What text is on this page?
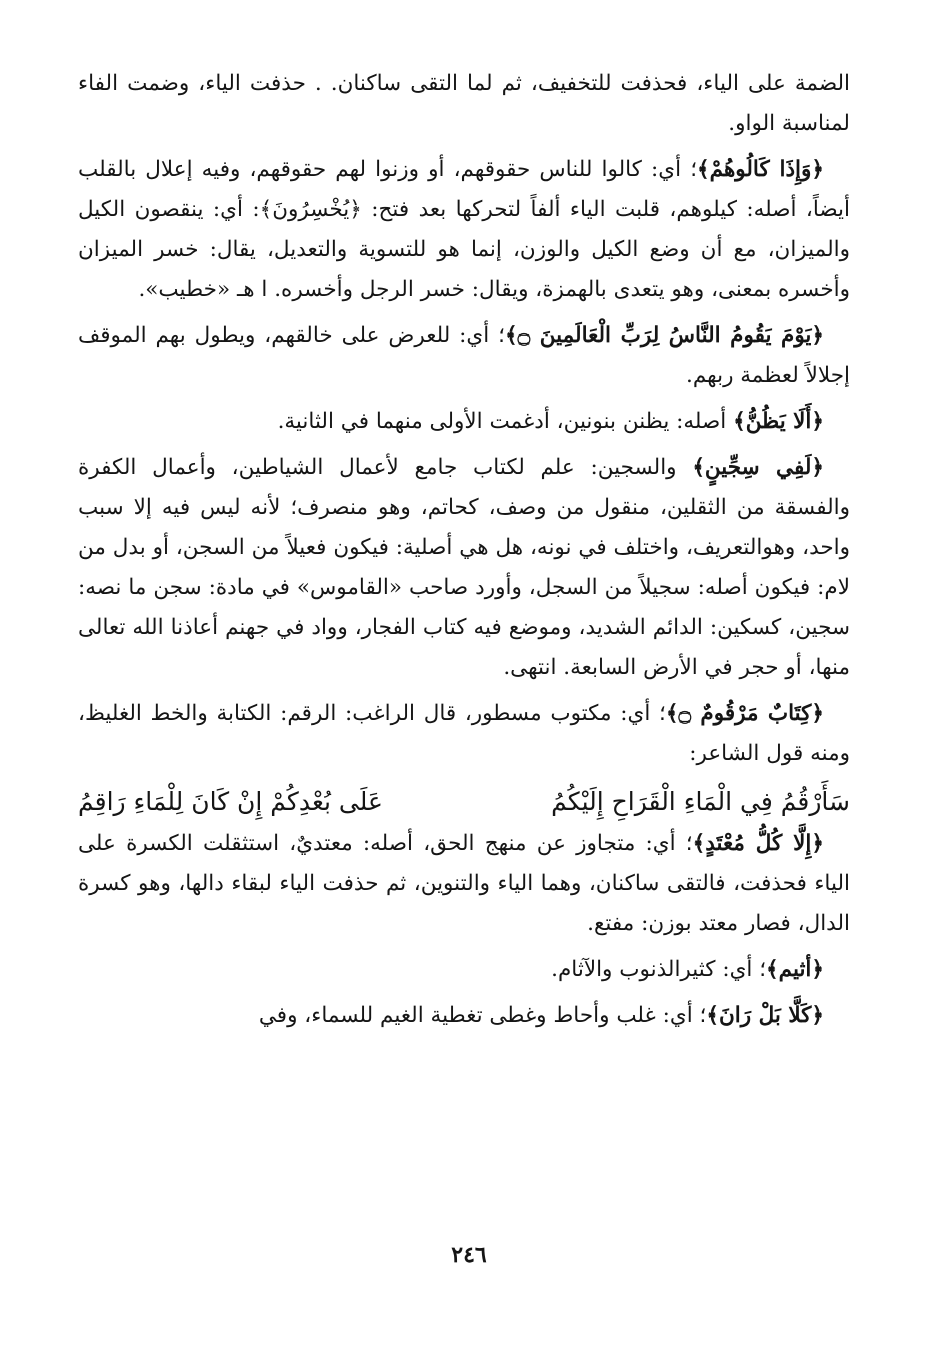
الضمة على الياء، فحذفت للتخفيف، ثم لما التقى ساكنان. . حذفت الياء، وضمت الفاء لمناسبة الواو.

﴿وَإِذَا كَالُوهُمْ﴾؛ أي: كالوا للناس حقوقهم، أو وزنوا لهم حقوقهم، وفيه إعلال بالقلب أيضاً، أصله: كيلوهم، قلبت الياء ألفاً لتحركها بعد فتح: ﴿يُخْسِرُونَ﴾: أي: ينقصون الكيل والميزان، مع أن وضع الكيل والوزن، إنما هو للتسوية والتعديل، يقال: خسر الميزان وأخسره بمعنى، وهو يتعدى بالهمزة، ويقال: خسر الرجل وأخسره. ا هـ «خطيب».

﴿يَوْمَ يَقُومُ النَّاسُ لِرَبِّ الْعَالَمِينَ ۝﴾؛ أي: للعرض على خالقهم، ويطول بهم الموقف إجلالاً لعظمة ربهم.

﴿أَلَا يَظُنُّ﴾ أصله: يظنن بنونين، أدغمت الأولى منهما في الثانية.

﴿لَفِي سِجِّينٍ﴾ والسجين: علم لكتاب جامع لأعمال الشياطين، وأعمال الكفرة والفسقة من الثقلين، منقول من وصف، كحاتم، وهو منصرف؛ لأنه ليس فيه إلا سبب واحد، وهوالتعريف، واختلف في نونه، هل هي أصلية: فيكون فعيلاً من السجن، أو بدل من لام: فيكون أصله: سجيلاً من السجل، وأورد صاحب «القاموس» في مادة: سجن ما نصه: سجين، كسكين: الدائم الشديد، وموضع فيه كتاب الفجار، وواد في جهنم أعاذنا الله تعالى منها، أو حجر في الأرض السابعة. انتهى.

﴿كِتَابٌ مَرْقُومٌ ۝﴾؛ أي: مكتوب مسطور، قال الراغب: الرقم: الكتابة والخط الغليظ، ومنه قول الشاعر:

سَأَرْقُمُ فِي الْمَاءِ الْقَرَاحِ إِلَيْكُمُ
عَلَى بُعْدِكُمْ إِنْ كَانَ لِلْمَاءِ رَاقِمُ

﴿إِلَّا كُلُّ مُعْتَدٍ﴾؛ أي: متجاوز عن منهج الحق، أصله: معتديٌ، استثقلت الكسرة على الياء فحذفت، فالتقى ساكنان، وهما الياء والتنوين، ثم حذفت الياء لبقاء دالها، وهو كسرة الدال، فصار معتد بوزن: مفتع.

﴿أثيم﴾؛ أي: كثيرالذنوب والآثام.

﴿كَلَّا بَلْ رَانَ﴾؛ أي: غلب وأحاط وغطى تغطية الغيم للسماء، وفي

٢٤٦
